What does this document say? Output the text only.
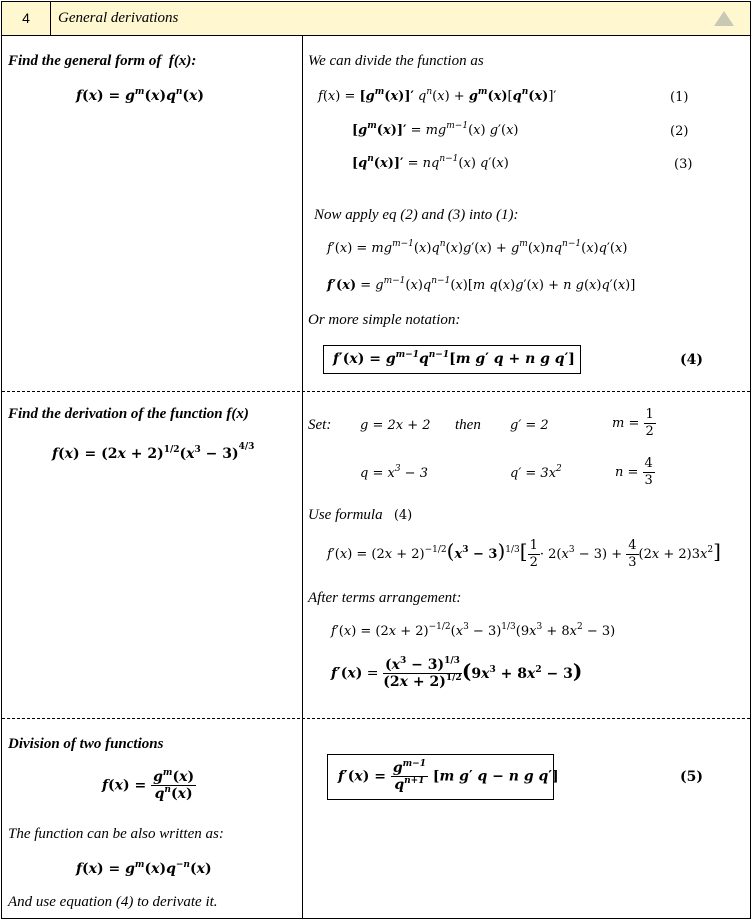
4	General derivations
Find the general form of f(x):
$f(x) = g^m(x)q^n(x)$
We can divide the function as
$f(x) = [g^m(x)]'$ $q^n(x) + g^m(x)[q^n(x)]'$	(1)
$[g^m(x)]' = mg^{m-1}(x)$ g′(x)	(2)
$[q^n(x)]' = nq^{n-1}(x)$ q′(x)	(3)
Now apply eq (2) and (3) into (1):
$f'(x) = mg^{m-1}(x)q^n(x)g'(x) + g^m(x)nq^{n-1}(x)q'(x)$
$f'(x) = g^{m-1}(x)q^{n-1}(x)[m$ q(x)g′(x) + n g(x)q′(x)]
Or more simple notation:
$f'(x) = g^{m-1}q^{n-1}[m$ g′ q + n g q′]	(4)
Find the derivation of the function f(x)
$f(x) = (2x + 2)^{1/2}(x^3 - 3)^{4/3}$
Set: g = 2x + 2 then g′ = 2	$m = \frac{1}{2}$
$q = x^3 - 3$	$q' = 3x^2$	$n = \frac{4}{3}$
Use formula (4)
$f'(x) = (2x + 2)^{-1/2}(x^3 - 3)^{1/3}[ \frac{1}{2} \cdot 2(x^3 - 3) + \frac{4}{3} (2x + 2)3x^2]$
After terms arrangement:
$f'(x) = (2x + 2)^{-1/2}(x^3 - 3)^{1/3}(9x^3 + 8x^2 - 3)$
$f'(x) = \frac{(x^3 - 3)^{1/3}}{(2x + 2)^{1/2}} (9x^3 + 8x^2 - 3)$
Division of two functions
$f(x) = \frac{g^m(x)}{q^n(x)}$
The function can be also written as:
$f(x) = g^m(x)q^{-n}(x)$
And use equation (4) to derivate it.
$f'(x) = \frac{g^{m-1}}{q^{n+1}} [m$ g′ q − n g q′]	(5)
